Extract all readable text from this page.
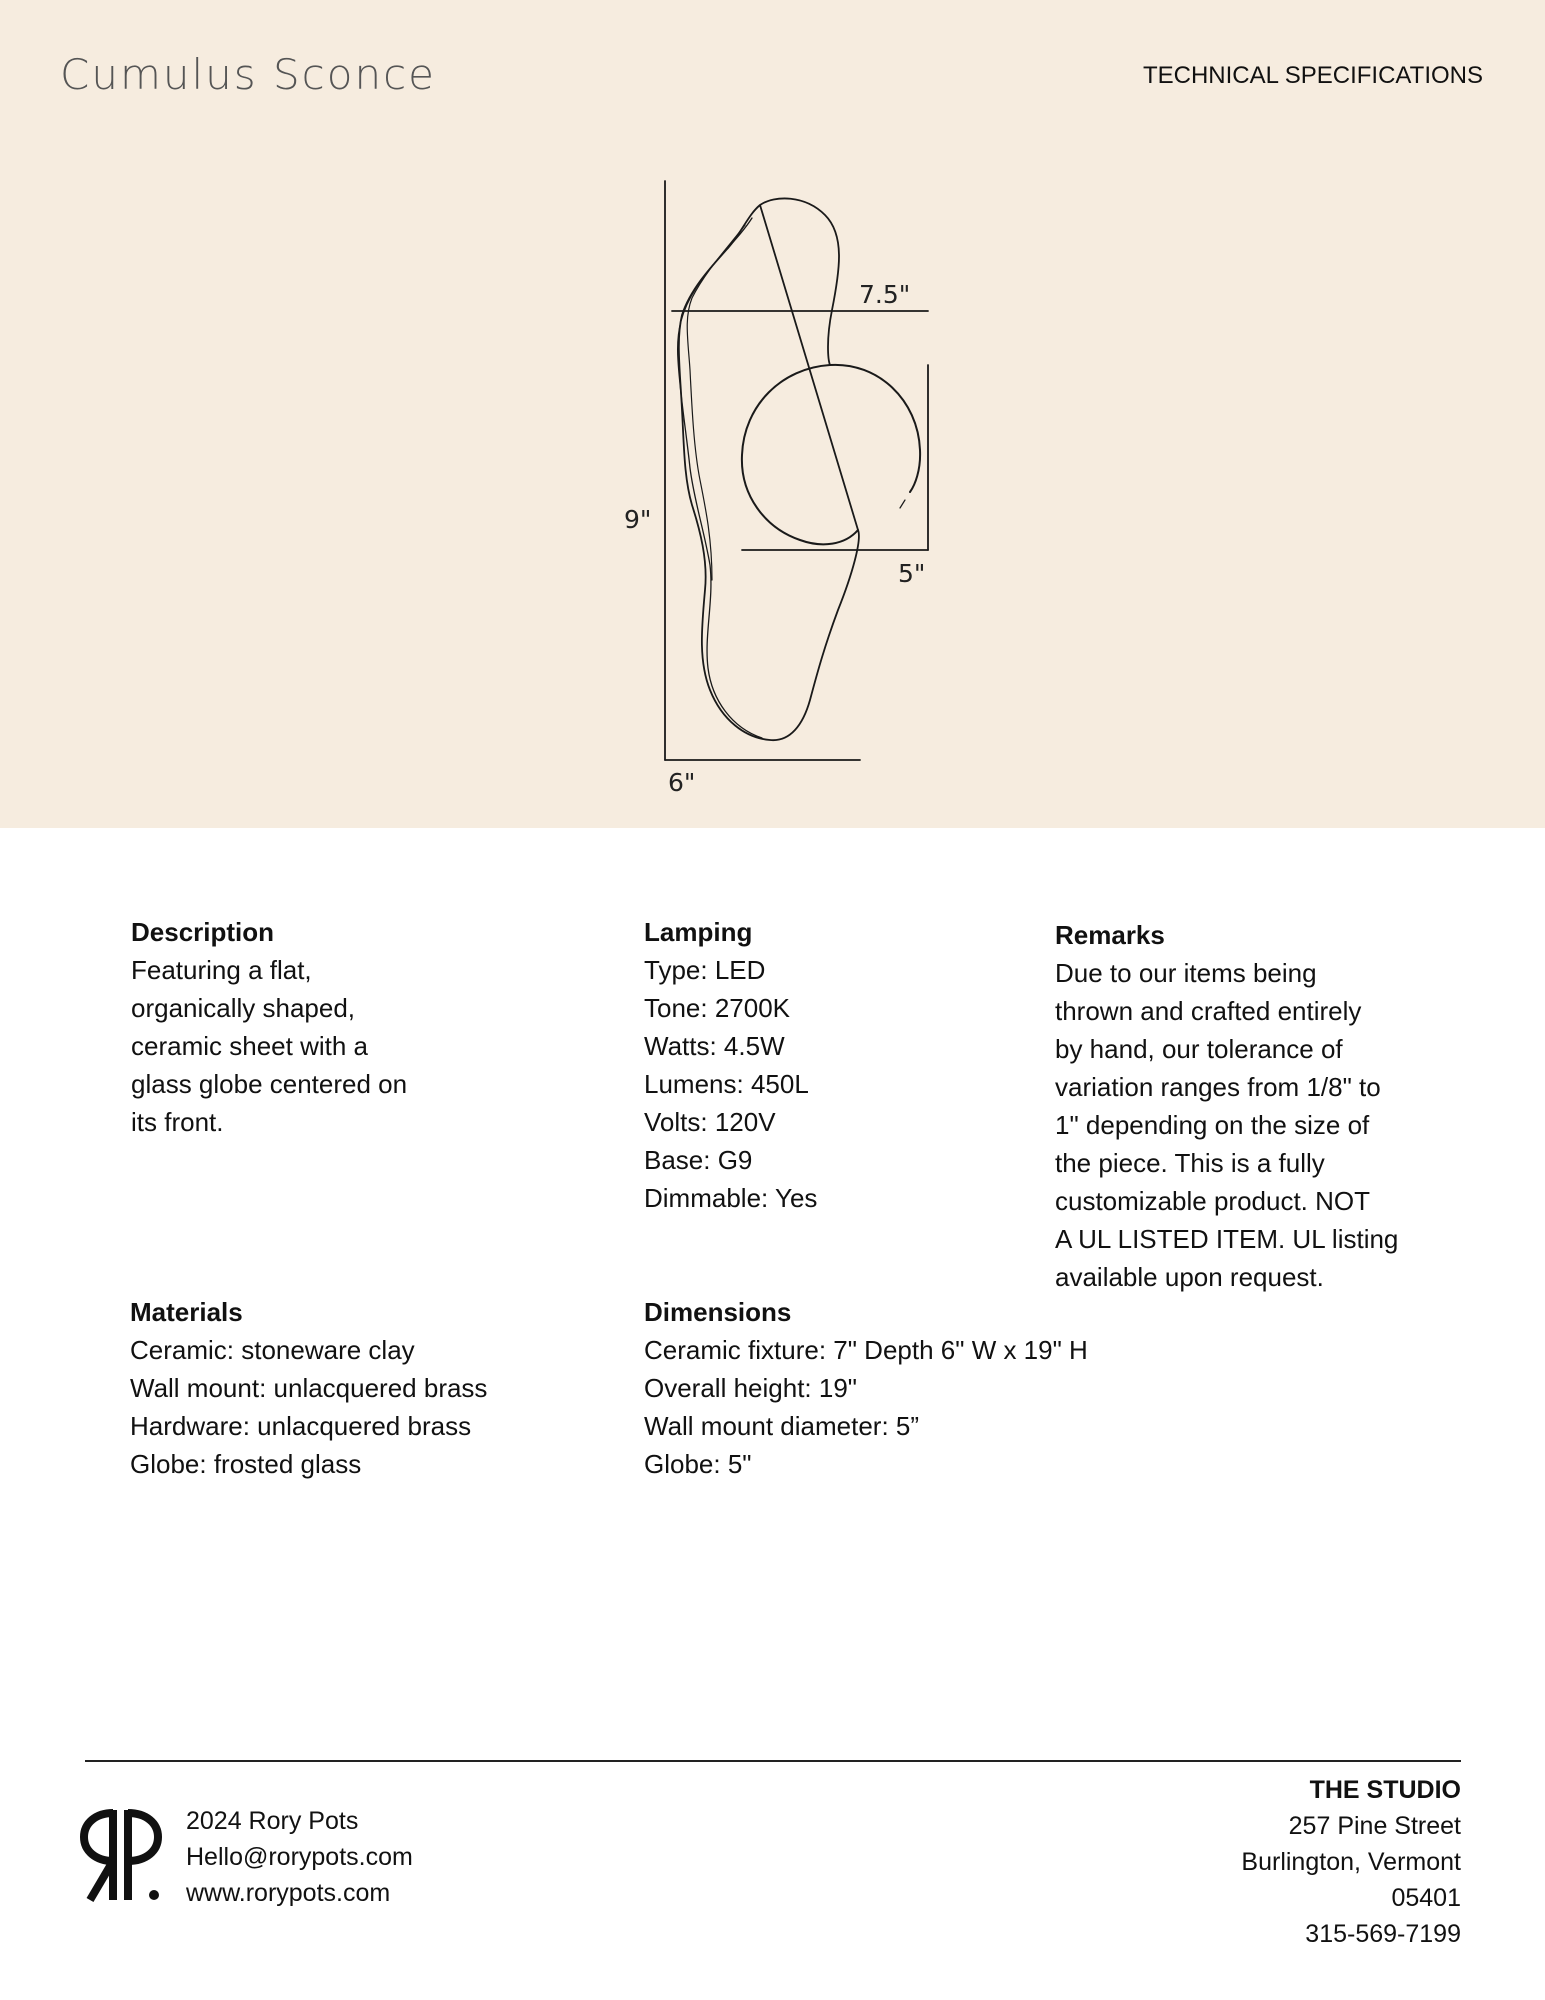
Cumulus Sconce	TECHNICAL SPECIFICATIONS
7.5"
9"
5"
6"
Description
Featuring a flat,
organically shaped,
ceramic sheet with a
glass globe centered on
its front.
Lamping
Type: LED
Tone: 2700K
Watts: 4.5W
Lumens: 450L
Volts: 120V
Base: G9
Dimmable: Yes
Remarks
Due to our items being
thrown and crafted entirely
by hand, our tolerance of
variation ranges from 1/8" to
1" depending on the size of
the piece. This is a fully
customizable product. NOT
A UL LISTED ITEM. UL listing
available upon request.
Materials
Ceramic: stoneware clay
Wall mount: unlacquered brass
Hardware: unlacquered brass
Globe: frosted glass
Dimensions
Ceramic fixture: 7" Depth 6" W x 19" H
Overall height: 19"
Wall mount diameter: 5”
Globe: 5"
2024 Rory Pots
Hello@rorypots.com
www.rorypots.com
THE STUDIO
257 Pine Street
Burlington, Vermont
05401
315-569-7199
